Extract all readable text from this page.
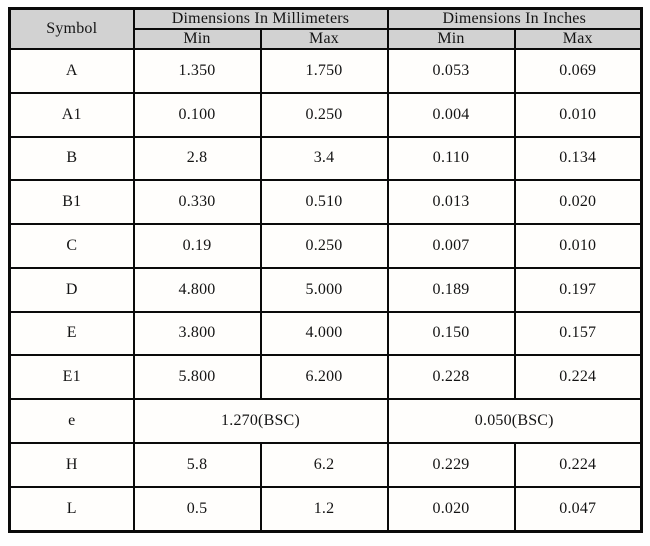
Symbol	Dimensions In Millimeters		Dimensions In Inches	
	Min	Max	Min	Max
A	1.350	1.750	0.053	0.069
A1	0.100	0.250	0.004	0.010
B	2.8	3.4	0.110	0.134
B1	0.330	0.510	0.013	0.020
C	0.19	0.250	0.007	0.010
D	4.800	5.000	0.189	0.197
E	3.800	4.000	0.150	0.157
E1	5.800	6.200	0.228	0.224
e	1.270(BSC)		0.050(BSC)	
H	5.8	6.2	0.229	0.224
L	0.5	1.2	0.020	0.047
